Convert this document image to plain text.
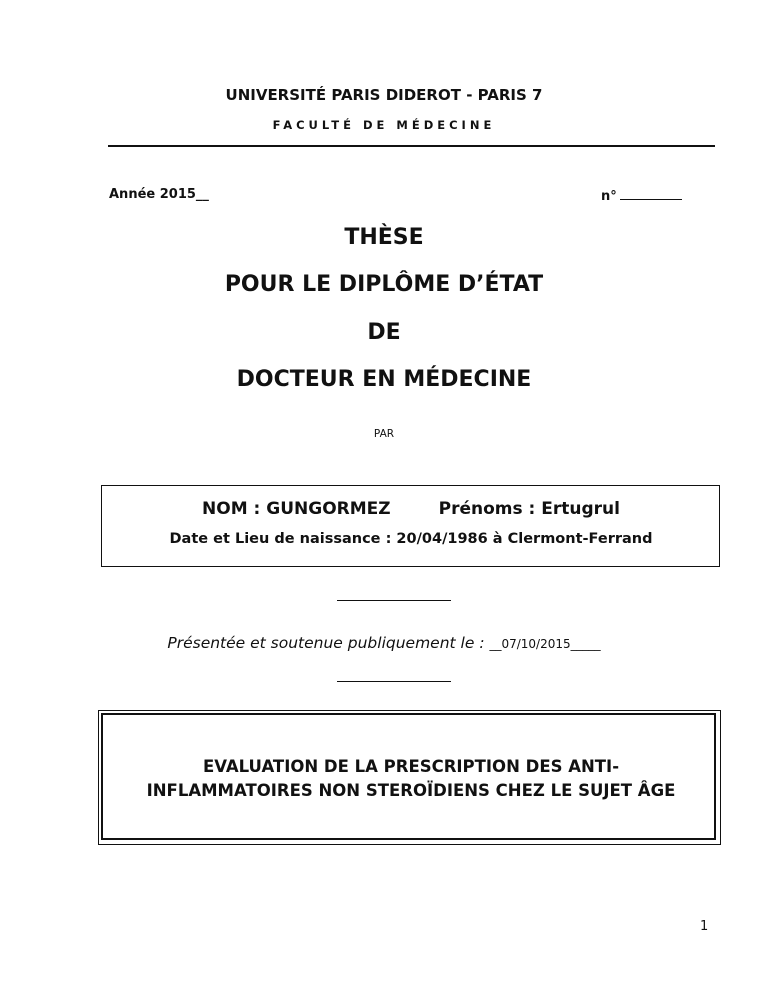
UNIVERSITÉ PARIS DIDEROT - PARIS 7
FACULTÉ DE MÉDECINE
Année 2015__	n°
THÈSE
POUR LE DIPLÔME D’ÉTAT
DE
DOCTEUR EN MÉDECINE
PAR
NOM : GUNGORMEZ	Prénoms : Ertugrul
Date et Lieu de naissance : 20/04/1986 à Clermont-Ferrand
Présentée et soutenue publiquement le : __07/10/2015_____
EVALUATION DE LA PRESCRIPTION DES ANTI-
INFLAMMATOIRES NON STEROÏDIENS CHEZ LE SUJET ÂGE
1
